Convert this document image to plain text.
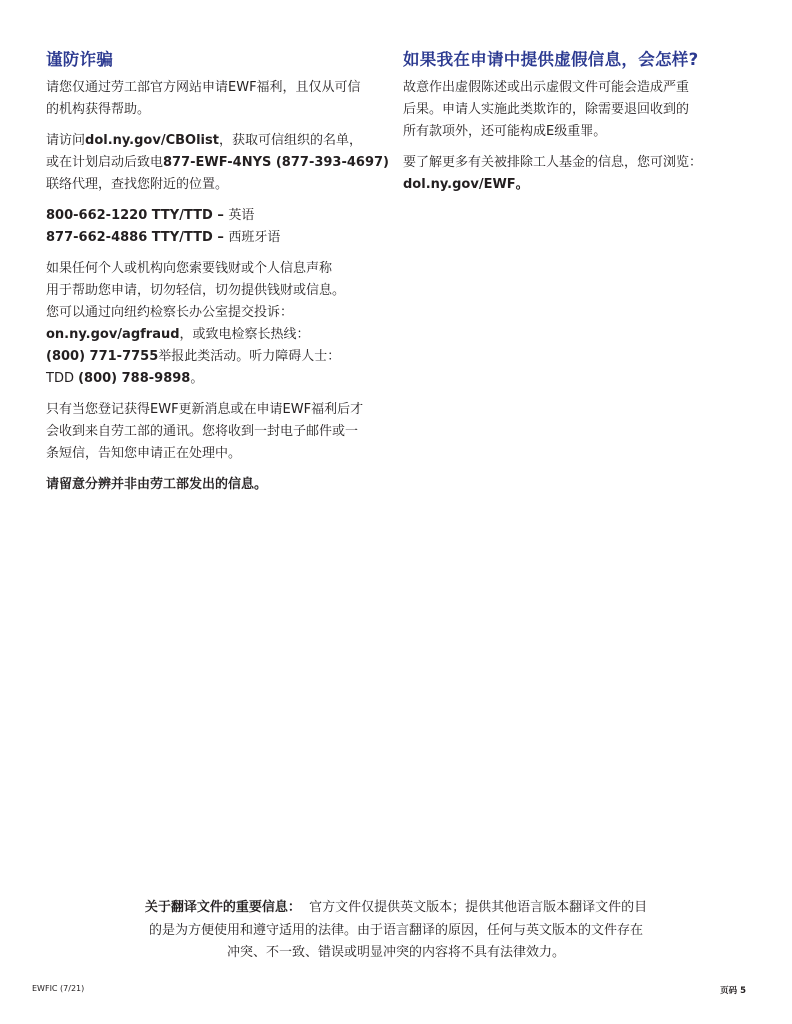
谨防诈骗

请您仅通过劳工部官方网站申请EWF福利，且仅从可信
的机构获得帮助。

请访问dol.ny.gov/CBOlist，获取可信组织的名单，
或在计划启动后致电877-EWF-4NYS (877-393-4697)
联络代理，查找您附近的位置。

800-662-1220 TTY/TTD – 英语
877-662-4886 TTY/TTD – 西班牙语

如果任何个人或机构向您索要钱财或个人信息声称
用于帮助您申请，切勿轻信，切勿提供钱财或信息。
您可以通过向纽约检察长办公室提交投诉：
on.ny.gov/agfraud，或致电检察长热线：
(800) 771-7755举报此类活动。听力障碍人士：
TDD (800) 788-9898。

只有当您登记获得EWF更新消息或在申请EWF福利后才
会收到来自劳工部的通讯。您将收到一封电子邮件或一
条短信，告知您申请正在处理中。

请留意分辨并非由劳工部发出的信息。

如果我在申请中提供虚假信息，会怎样?

故意作出虚假陈述或出示虚假文件可能会造成严重
后果。申请人实施此类欺诈的，除需要退回收到的
所有款项外，还可能构成E级重罪。

要了解更多有关被排除工人基金的信息，您可浏览：
dol.ny.gov/EWF。

关于翻译文件的重要信息： 官方文件仅提供英文版本；提供其他语言版本翻译文件的目
的是为方便使用和遵守适用的法律。由于语言翻译的原因，任何与英文版本的文件存在
冲突、不一致、错误或明显冲突的内容将不具有法律效力。
EWFIC (7/21)	页码 5
